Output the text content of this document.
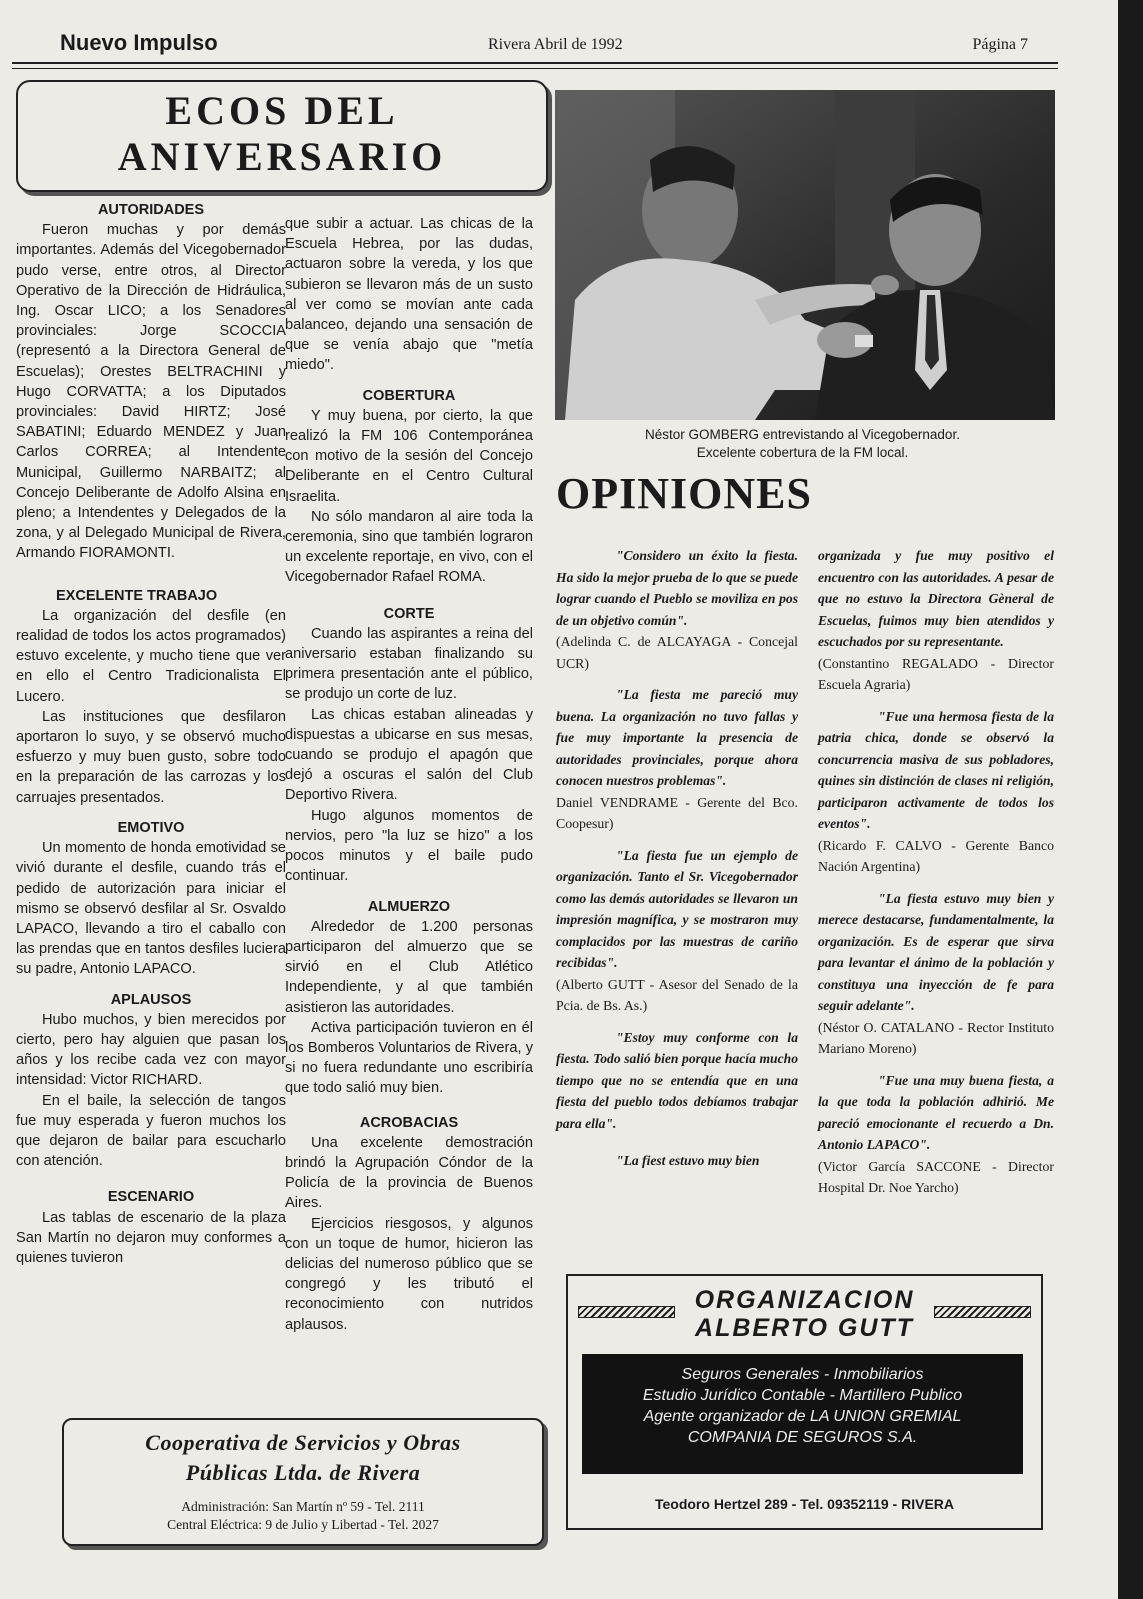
Nuevo Impulso	Rivera Abril de 1992	Página 7
ECOS DEL
ANIVERSARIO
AUTORIDADES

Fueron muchas y por demás importantes. Además del Vicegobernador pudo verse, entre otros, al Director Operativo de la Dirección de Hidráulica, Ing. Oscar LICO; a los Senadores provinciales: Jorge SCOCCIA (representó a la Directora General de Escuelas); Orestes BELTRACHINI y Hugo CORVATTA; a los Diputados provinciales: David HIRTZ; José SABATINI; Eduardo MENDEZ y Juan Carlos CORREA; al Intendente Municipal, Guillermo NARBAITZ; al Concejo Deliberante de Adolfo Alsina en pleno; a Intendentes y Delegados de la zona, y al Delegado Municipal de Rivera, Armando FIORAMONTI.

EXCELENTE TRABAJO

La organización del desfile (en realidad de todos los actos programados) estuvo excelente, y mucho tiene que ver en ello el Centro Tradicionalista El Lucero.

Las instituciones que desfilaron aportaron lo suyo, y se observó mucho esfuerzo y muy buen gusto, sobre todo en la preparación de las carrozas y los carruajes presentados.

EMOTIVO

Un momento de honda emotividad se vivió durante el desfile, cuando trás el pedido de autorización para iniciar el mismo se observó desfilar al Sr. Osvaldo LAPACO, llevando a tiro el caballo con las prendas que en tantos desfiles luciera su padre, Antonio LAPACO.

APLAUSOS

Hubo muchos, y bien merecidos por cierto, pero hay alguien que pasan los años y los recibe cada vez con mayor intensidad: Victor RICHARD.

En el baile, la selección de tangos fue muy esperada y fueron muchos los que dejaron de bailar para escucharlo con atención.

ESCENARIO

Las tablas de escenario de la plaza San Martín no dejaron muy conformes a quienes tuvieron

que subir a actuar. Las chicas de la Escuela Hebrea, por las dudas, actuaron sobre la vereda, y los que subieron se llevaron más de un susto al ver como se movían ante cada balanceo, dejando una sensación de que se venía abajo que "metía miedo".

COBERTURA

Y muy buena, por cierto, la que realizó la FM 106 Contemporánea con motivo de la sesión del Concejo Deliberante en el Centro Cultural Israelita.

No sólo mandaron al aire toda la ceremonia, sino que también lograron un excelente reportaje, en vivo, con el Vicegobernador Rafael ROMA.

CORTE

Cuando las aspirantes a reina del aniversario estaban finalizando su primera presentación ante el público, se produjo un corte de luz.

Las chicas estaban alineadas y dispuestas a ubicarse en sus mesas, cuando se produjo el apagón que dejó a oscuras el salón del Club Deportivo Rivera.

Hugo algunos momentos de nervios, pero "la luz se hizo" a los pocos minutos y el baile pudo continuar.

ALMUERZO

Alrededor de 1.200 personas participaron del almuerzo que se sirvió en el Club Atlético Independiente, y al que también asistieron las autoridades.

Activa participación tuvieron en él los Bomberos Voluntarios de Rivera, y si no fuera redundante uno escribiría que todo salió muy bien.

ACROBACIAS

Una excelente demostración brindó la Agrupación Cóndor de la Policía de la provincia de Buenos Aires.

Ejercicios riesgosos, y algunos con un toque de humor, hicieron las delicias del numeroso público que se congregó y les tributó el reconocimiento con nutridos aplausos.

Néstor GOMBERG entrevistando al Vicegobernador.
Excelente cobertura de la FM local.
OPINIONES

"Considero un éxito la fiesta. Ha sido la mejor prueba de lo que se puede lograr cuando el Pueblo se moviliza en pos de un objetivo común".

(Adelinda C. de ALCAYAGA - Concejal UCR)

"La fiesta me pareció muy buena. La organización no tuvo fallas y fue muy importante la presencia de autoridades provinciales, porque ahora conocen nuestros problemas".

Daniel VENDRAME - Gerente del Bco. Coopesur)

"La fiesta fue un ejemplo de organización. Tanto el Sr. Vicegobernador como las demás autoridades se llevaron un impresión magnífica, y se mostraron muy complacidos por las muestras de cariño recibidas".

(Alberto GUTT - Asesor del Senado de la Pcia. de Bs. As.)

"Estoy muy conforme con la fiesta. Todo salió bien porque hacía mucho tiempo que no se entendía que en una fiesta del pueblo todos debíamos trabajar para ella".

"La fiest estuvo muy bien

organizada y fue muy positivo el encuentro con las autoridades. A pesar de que no estuvo la Directora Gèneral de Escuelas, fuimos muy bien atendidos y escuchados por su representante.

(Constantino REGALADO - Director Escuela Agraria)

"Fue una hermosa fiesta de la patria chica, donde se observó la concurrencia masiva de sus pobladores, quines sin distinción de clases ni religión, participaron activamente de todos los eventos".

(Ricardo F. CALVO - Gerente Banco Nación Argentina)

"La fiesta estuvo muy bien y merece destacarse, fundamentalmente, la organización. Es de esperar que sirva para levantar el ánimo de la población y constituya una inyección de fe para seguir adelante".

(Néstor O. CATALANO - Rector Instituto Mariano Moreno)

"Fue una muy buena fiesta, a la que toda la población adhirió. Me pareció emocionante el recuerdo a Dn. Antonio LAPACO".

(Victor García SACCONE - Director Hospital Dr. Noe Yarcho)

ORGANIZACION
ALBERTO GUTT
Seguros Generales - Inmobiliarios
Estudio Jurídico Contable - Martillero Publico
Agente organizador de LA UNION GREMIAL
COMPANIA DE SEGUROS S.A.
Teodoro Hertzel 289 - Tel. 09352119 - RIVERA
Cooperativa de Servicios y Obras
Públicas Ltda. de Rivera
Administración: San Martín nº 59 - Tel. 2111
Central Eléctrica: 9 de Julio y Libertad - Tel. 2027
